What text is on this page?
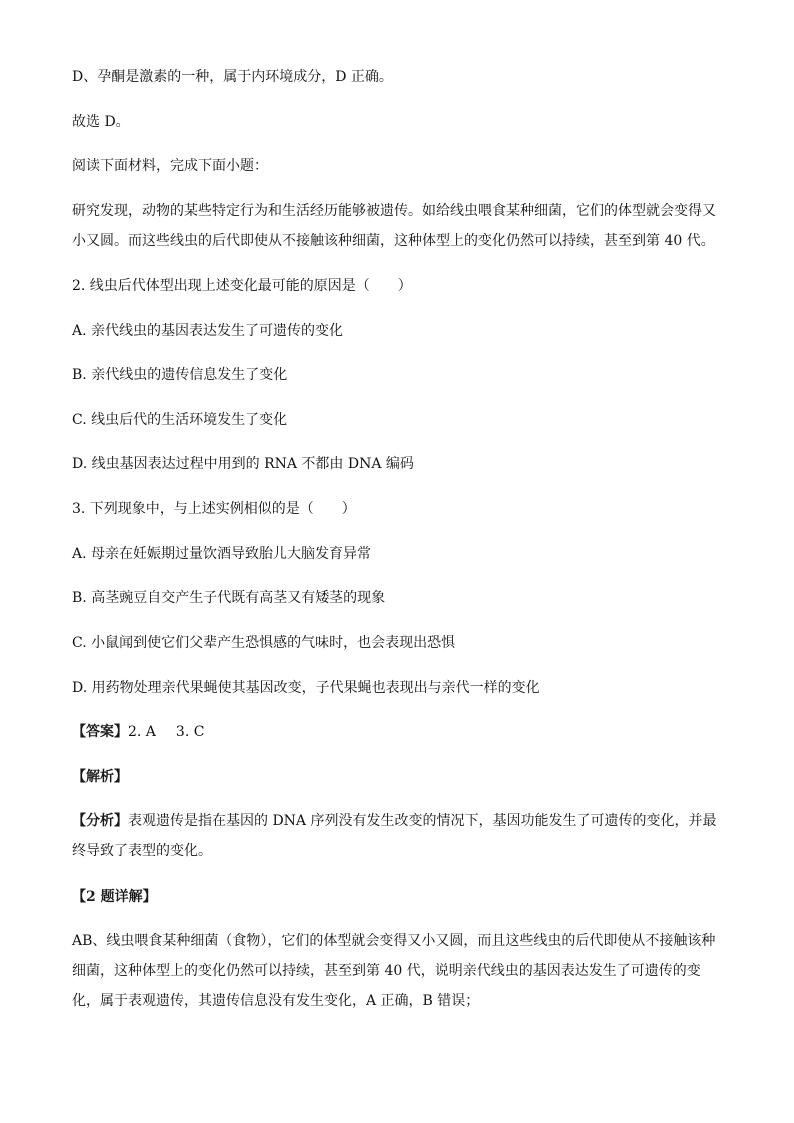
D、孕酮是激素的一种，属于内环境成分，D 正确。
故选 D。
阅读下面材料，完成下面小题：
研究发现，动物的某些特定行为和生活经历能够被遗传。如给线虫喂食某种细菌，它们的体型就会变得又小又圆。而这些线虫的后代即使从不接触该种细菌，这种体型上的变化仍然可以持续，甚至到第 40 代。
2. 线虫后代体型出现上述变化最可能的原因是（　　）
A. 亲代线虫的基因表达发生了可遗传的变化
B. 亲代线虫的遗传信息发生了变化
C. 线虫后代的生活环境发生了变化
D. 线虫基因表达过程中用到的 RNA 不都由 DNA 编码
3. 下列现象中，与上述实例相似的是（　　）
A. 母亲在妊娠期过量饮酒导致胎儿大脑发育异常
B. 高茎豌豆自交产生子代既有高茎又有矮茎的现象
C. 小鼠闻到使它们父辈产生恐惧感的气味时，也会表现出恐惧
D. 用药物处理亲代果蝇使其基因改变，子代果蝇也表现出与亲代一样的变化
【答案】2. A 3. C
【解析】
【分析】表观遗传是指在基因的 DNA 序列没有发生改变的情况下，基因功能发生了可遗传的变化，并最终导致了表型的变化。
【2 题详解】
AB、线虫喂食某种细菌（食物），它们的体型就会变得又小又圆，而且这些线虫的后代即使从不接触该种细菌，这种体型上的变化仍然可以持续，甚至到第 40 代，说明亲代线虫的基因表达发生了可遗传的变化，属于表观遗传，其遗传信息没有发生变化，A 正确，B 错误；
